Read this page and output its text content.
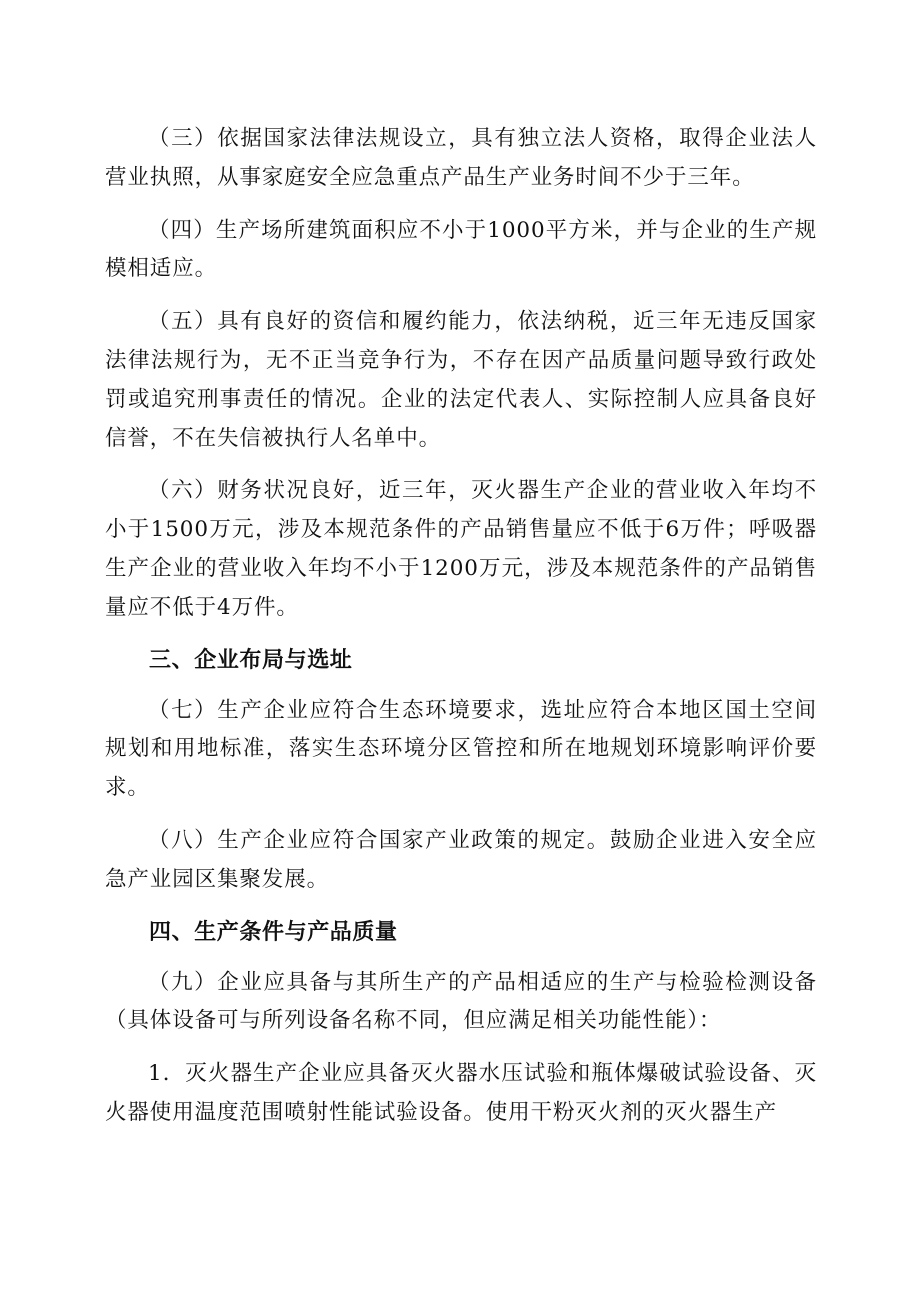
（三）依据国家法律法规设立，具有独立法人资格，取得企业法人营业执照，从事家庭安全应急重点产品生产业务时间不少于三年。

（四）生产场所建筑面积应不小于1000平方米，并与企业的生产规模相适应。

（五）具有良好的资信和履约能力，依法纳税，近三年无违反国家法律法规行为，无不正当竞争行为，不存在因产品质量问题导致行政处罚或追究刑事责任的情况。企业的法定代表人、实际控制人应具备良好信誉，不在失信被执行人名单中。

（六）财务状况良好，近三年，灭火器生产企业的营业收入年均不小于1500万元，涉及本规范条件的产品销售量应不低于6万件；呼吸器生产企业的营业收入年均不小于1200万元，涉及本规范条件的产品销售量应不低于4万件。

三、企业布局与选址

（七）生产企业应符合生态环境要求，选址应符合本地区国土空间规划和用地标准，落实生态环境分区管控和所在地规划环境影响评价要求。

（八）生产企业应符合国家产业政策的规定。鼓励企业进入安全应急产业园区集聚发展。

四、生产条件与产品质量

（九）企业应具备与其所生产的产品相适应的生产与检验检测设备（具体设备可与所列设备名称不同，但应满足相关功能性能）：

1．灭火器生产企业应具备灭火器水压试验和瓶体爆破试验设备、灭火器使用温度范围喷射性能试验设备。使用干粉灭火剂的灭火器生产
